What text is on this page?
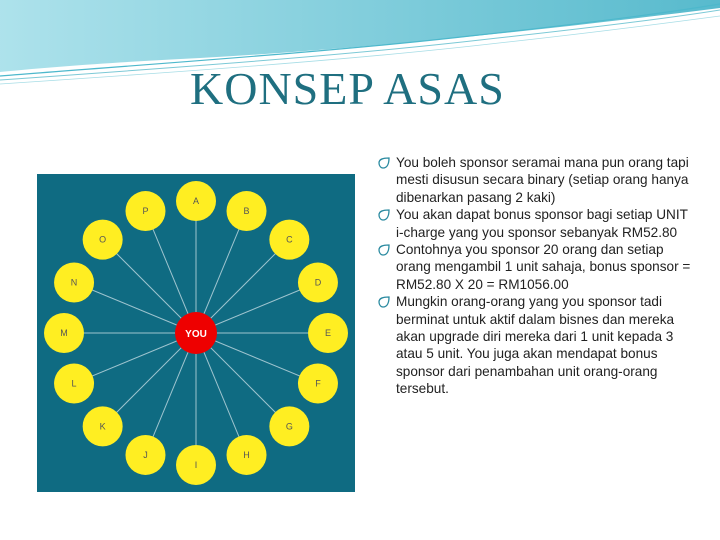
KONSEP ASAS
A
B
C
D
E
F
G
H
I
J
K
L
M
N
O
P
YOU
You boleh sponsor seramai mana pun orang tapi mesti disusun secara binary (setiap orang hanya dibenarkan pasang 2 kaki)
You akan dapat bonus sponsor bagi setiap UNIT i-charge yang you sponsor sebanyak RM52.80
Contohnya you sponsor 20 orang dan setiap orang mengambil 1 unit sahaja, bonus sponsor = RM52.80 X 20 = RM1056.00
Mungkin orang-orang yang you sponsor tadi berminat untuk aktif dalam bisnes dan mereka akan upgrade diri mereka dari 1 unit kepada 3 atau 5 unit. You juga akan mendapat bonus sponsor dari penambahan unit orang-orang tersebut.
